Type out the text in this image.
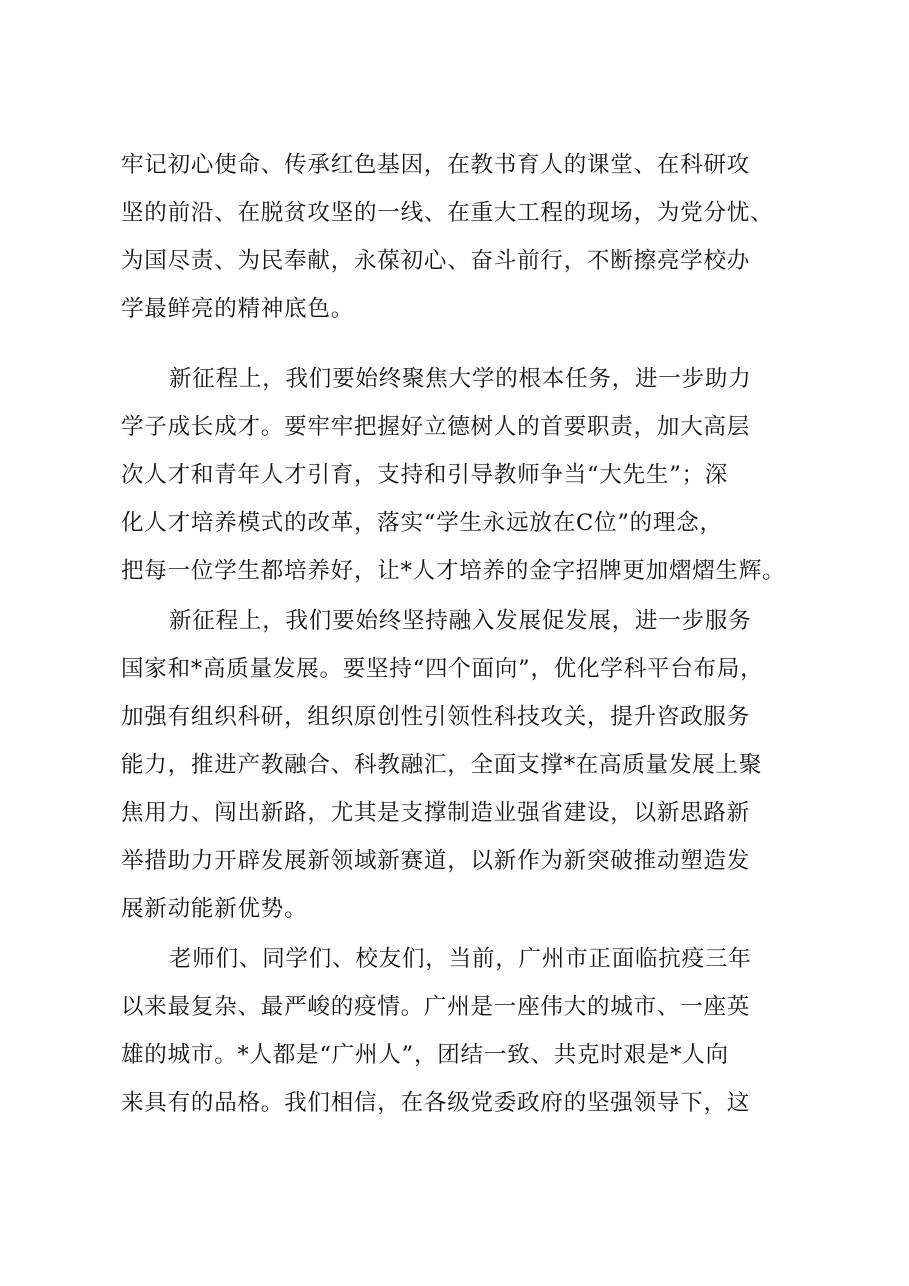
牢记初心使命、传承红色基因，在教书育人的课堂、在科研攻
坚的前沿、在脱贫攻坚的一线、在重大工程的现场，为党分忧、
为国尽责、为民奉献，永葆初心、奋斗前行，不断擦亮学校办
学最鲜亮的精神底色。
新征程上，我们要始终聚焦大学的根本任务，进一步助力
学子成长成才。要牢牢把握好立德树人的首要职责，加大高层
次人才和青年人才引育，支持和引导教师争当“大先生”；深
化人才培养模式的改革，落实“学生永远放在C位”的理念，
把每一位学生都培养好，让*人才培养的金字招牌更加熠熠生辉。
新征程上，我们要始终坚持融入发展促发展，进一步服务
国家和*高质量发展。要坚持“四个面向”，优化学科平台布局，
加强有组织科研，组织原创性引领性科技攻关，提升咨政服务
能力，推进产教融合、科教融汇，全面支撑*在高质量发展上聚
焦用力、闯出新路，尤其是支撑制造业强省建设，以新思路新
举措助力开辟发展新领域新赛道，以新作为新突破推动塑造发
展新动能新优势。
老师们、同学们、校友们，当前，广州市正面临抗疫三年
以来最复杂、最严峻的疫情。广州是一座伟大的城市、一座英
雄的城市。*人都是“广州人”，团结一致、共克时艰是*人向
来具有的品格。我们相信，在各级党委政府的坚强领导下，这
